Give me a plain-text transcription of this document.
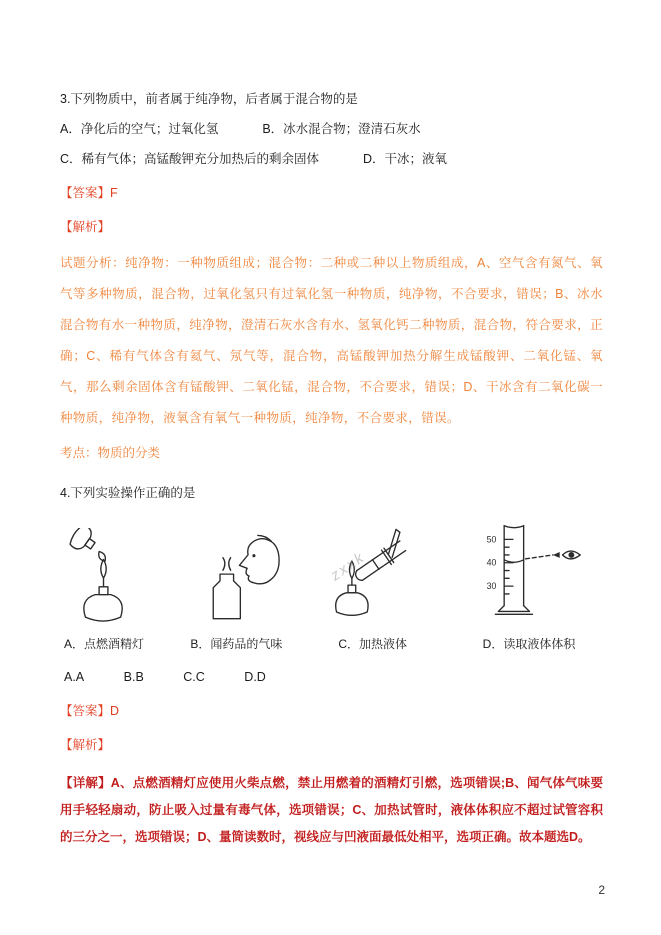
3.下列物质中，前者属于纯净物，后者属于混合物的是
A．净化后的空气；过氧化氢	B．冰水混合物；澄清石灰水
C．稀有气体；高锰酸钾充分加热后的剩余固体	D．干冰；液氧
【答案】F
【解析】
试题分析：纯净物：一种物质组成；混合物：二种或二种以上物质组成，A、空气含有氮气、氧气等多种物质，混合物，过氧化氢只有过氧化氢一种物质，纯净物，不合要求，错误；B、冰水混合物有水一种物质，纯净物，澄清石灰水含有水、氢氧化钙二种物质，混合物，符合要求，正确；C、稀有气体含有氦气、氖气等，混合物，高锰酸钾加热分解生成锰酸钾、二氧化锰、氧气，那么剩余固体含有锰酸钾、二氧化锰，混合物，不合要求，错误；D、干冰含有二氧化碳一种物质，纯净物，液氧含有氧气一种物质，纯净物，不合要求，错误。
考点：物质的分类
4.下列实验操作正确的是
A．点燃酒精灯	B．闻药品的气味
zxxk
C．加热液体
50
40
30
D．读取液体体积
A.A	B.B	C.C	D.D
【答案】D
【解析】
【详解】A、点燃酒精灯应使用火柴点燃，禁止用燃着的酒精灯引燃，选项错误;B、闻气体气味要用手轻轻扇动，防止吸入过量有毒气体，选项错误；C、加热试管时，液体体积应不超过试管容积的三分之一，选项错误；D、量筒读数时，视线应与凹液面最低处相平，选项正确。故本题选D。
2
